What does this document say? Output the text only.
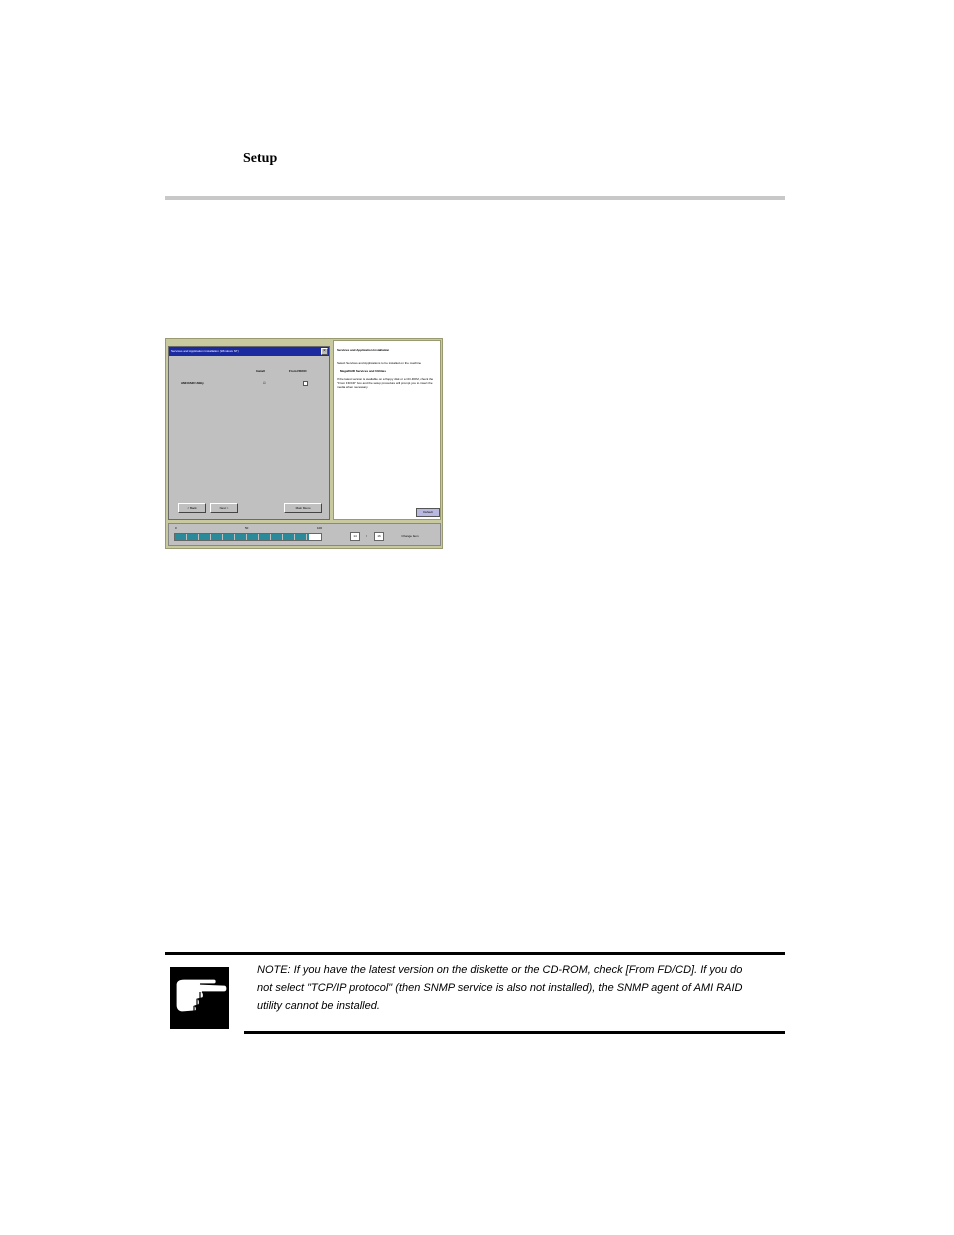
Setup
Services and Application Installation (Windows NT)	×
Install	From FD/CD
AMI RAID Utility	☑
< Back	Next >	Main Menu

Services and Application Installation

Select Services and Applications to be installed on the machine

MegaRAID Services and Utilities

If the latest version is available on a floppy disk or a CD-ROM, check the "From FD/CD" box and the setup procedure will prompt you to insert the media when necessary.

Default
0	50	100
14	/	16	Change Item
NOTE: If you have the latest version on the diskette or the CD-ROM, check [From FD/CD]. If you do not select "TCP/IP protocol" (then SNMP service is also not installed), the SNMP agent of AMI RAID utility cannot be installed.
